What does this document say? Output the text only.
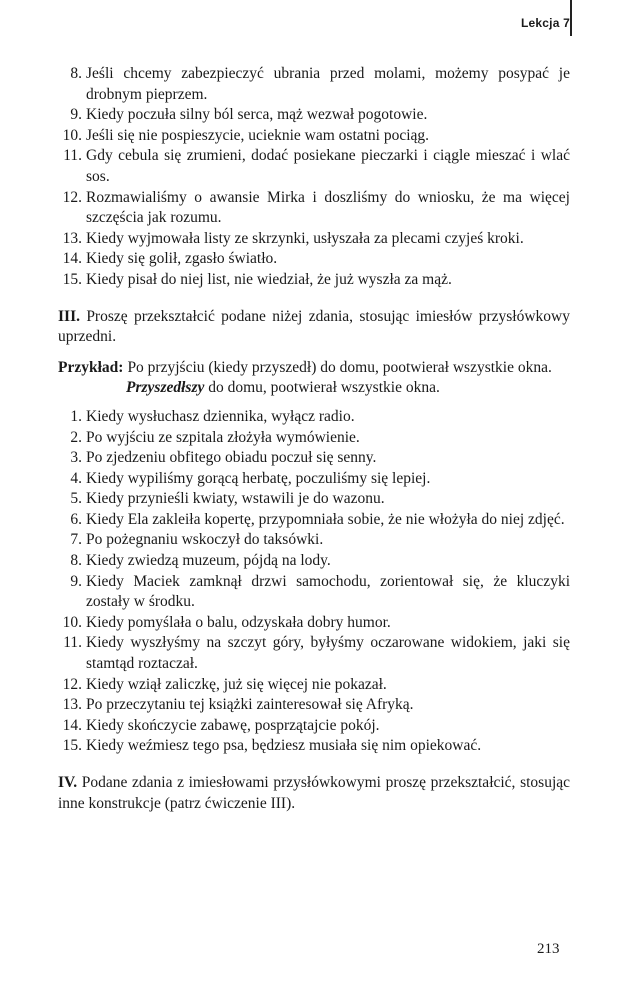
Lekcja 7
8. Jeśli chcemy zabezpieczyć ubrania przed molami, możemy posypać je drobnym pieprzem.
9. Kiedy poczuła silny ból serca, mąż wezwał pogotowie.
10. Jeśli się nie pospieszycie, ucieknie wam ostatni pociąg.
11. Gdy cebula się zrumieni, dodać posiekane pieczarki i ciągle mieszać i wlać sos.
12. Rozmawialiśmy o awansie Mirka i doszliśmy do wniosku, że ma więcej szczęścia jak rozumu.
13. Kiedy wyjmowała listy ze skrzynki, usłyszała za plecami czyjeś kroki.
14. Kiedy się golił, zgasło światło.
15. Kiedy pisał do niej list, nie wiedział, że już wyszła za mąż.
III. Proszę przekształcić podane niżej zdania, stosując imiesłów przysłówkowy uprzedni.
Przykład: Po przyjściu (kiedy przyszedł) do domu, pootwierał wszystkie okna.
Przyszedłszy do domu, pootwierał wszystkie okna.
1. Kiedy wysłuchasz dziennika, wyłącz radio.
2. Po wyjściu ze szpitala złożyła wymówienie.
3. Po zjedzeniu obfitego obiadu poczuł się senny.
4. Kiedy wypiliśmy gorącą herbatę, poczuliśmy się lepiej.
5. Kiedy przynieśli kwiaty, wstawili je do wazonu.
6. Kiedy Ela zakleiła kopertę, przypomniała sobie, że nie włożyła do niej zdjęć.
7. Po pożegnaniu wskoczył do taksówki.
8. Kiedy zwiedzą muzeum, pójdą na lody.
9. Kiedy Maciek zamknął drzwi samochodu, zorientował się, że kluczyki zostały w środku.
10. Kiedy pomyślała o balu, odzyskała dobry humor.
11. Kiedy wyszłyśmy na szczyt góry, byłyśmy oczarowane widokiem, jaki się stamtąd roztaczał.
12. Kiedy wziął zaliczkę, już się więcej nie pokazał.
13. Po przeczytaniu tej książki zainteresował się Afryką.
14. Kiedy skończycie zabawę, posprzątajcie pokój.
15. Kiedy weźmiesz tego psa, będziesz musiała się nim opiekować.
IV. Podane zdania z imiesłowami przysłówkowymi proszę przekształcić, stosując inne konstrukcje (patrz ćwiczenie III).
213
